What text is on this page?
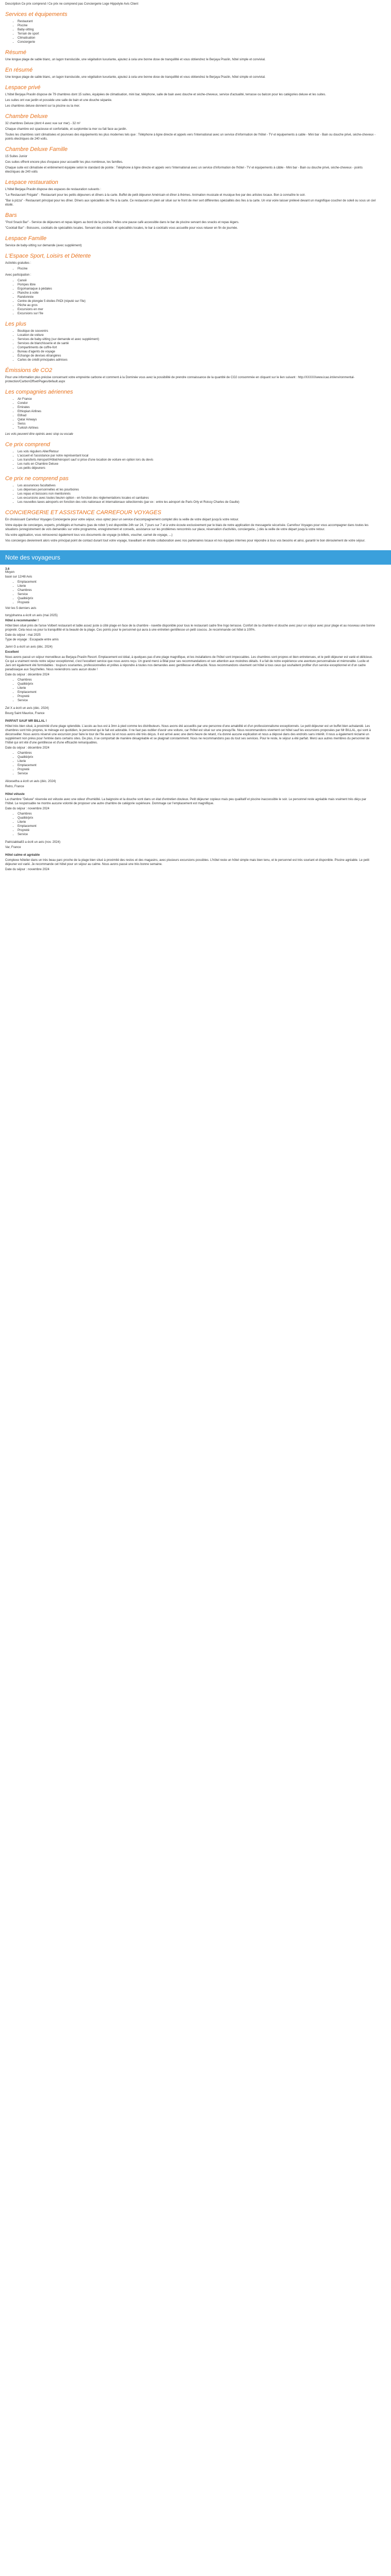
Description Ce prix comprend / Ce prix ne comprend pas Conciergerie Loge Hippolyte Avis Client

Services et équipements
• Restaurant
• Piscine
• Baby-sitting
• Terrain de sport
• Climatisation
• Conciergerie
Résumé

Une longue plage de sable blanc, un lagon translucide, une végétation luxuriante, ajoutez à cela une bonne dose de tranquillité et vous obtiendrez le Berjaya Praslin, hôtel simple et convivial.

En résumé

Une longue plage de sable blanc, un lagon translucide, une végétation luxuriante, ajoutez à cela une bonne dose de tranquillité et vous obtiendrez le Berjaya Praslin, hôtel simple et convivial.

Lespace privé

L'hôtel Berjaya Praslin dispose de 79 chambres dont 15 suites, équipées de climatisation, mini bar, téléphone, salle de bain avec douche et sèche-cheveux, service d'actualité, terrasse ou balcon pour les catégories deluxe et les suites.

Les suites ont vue jardin et possède une salle de bain et une douche séparée.

Les chambres deluxe donnent sur la piscine ou la mer.

Chambre Deluxe

32 chambres Deluxe (dont 4 avec vue sur mer) - 32 m²

Chaque chambre est spacieuse et confortable, et surplombe la mer ou fait face au jardin.

Toutes les chambres sont climatisées et pourvues des équipements les plus modernes tels que : Téléphone à ligne directe et appels vers l'international avec un service d'information de l'hôtel - TV et équipements à cable - Mini bar - Bain ou douche privé, sèche-cheveux - points électriques de 240 volts.

Chambre Deluxe Famille

15 Suites Junior

Ces suites offrent encore plus d'espace pour accueillir les plus nombreux, les familles.

Chaque suite est climatisée et entièrement équipée selon le standard de pointe : Téléphone à ligne directe et appels vers l'international avec un service d'information de l'hôtel - TV et équipements à câble - Mini bar - Bain ou douche privé, sèche-cheveux - points électriques de 240 volts

Lespace restauration

L'hôtel Berjaya Praslin dispose des espaces de restauration suivants :

"Le Restaurant Frégate" - Restaurant pour les petits déjeuners et dîners à la carte. Buffet de petit déjeuner Américain et dîner à thèmes. Animation musicale et musique live par des artistes locaux. Bon à connaître le soir.

"Bar à pizza" - Restaurant principal pour les dîner. Dîners aux spécialités de l'île à la carte. Ce restaurant en plein air situé sur le front de mer sert différentes spécialités des îles à la carte. Un vrai voire laisser prélevé devant un magnifique coucher de soleil ou sous un ciel étoilé.

Bars

"Pool Snack Bar" - Service de déjeuners et repas légers au bord de la piscine. Pelles une pause café accessible dans le bar de piscine servant des snacks et repas légers.

"Cocktail Bar" - Boissons, cocktails de spécialités locales. Servant des cocktails et spécialités locales, le bar à cocktails vous accueille pour vous relaxer en fin de journée.

Lespace Famille

Service de baby-sitting sur demande (avec supplément)

L'Espace Sport, Loisirs et Détente

Activités gratuites :

• Piscine

Avec participation :

• Canoë
• Pompes libre
• Ergomaniaque à pédales
• Planche à voile
• Randonnée
• Centre de plongée 5 étoiles PADI (réputé sur l'île)
• Pêche au gros
• Excursions en mer
• Excursions sur l'île
Les plus
• Boutique de souvenirs
• Location de voiture
• Services de baby-sitting (sur demande et avec supplément)
• Services de blanchisserie et de santé
• Compartiments de coffre-fort
• Bureau d'agents de voyage
• Échange de devises étrangères
• Cartes de crédit principales admises
Émissions de CO2

Pour une information plus précise concernant votre empreinte carbone et comment à la Dominée vous avez la possibilité de prendre connaissance de la quantité de CO2 consommée en cliquant sur le lien suivant : http://XXXXXwww.icao.int/environmental-protection/CarbonOffset/Pages/default.aspx

Les compagnies aériennes
• Air France
• Condor
• Emirates
• Ethiopian Airlines
• Etihad
• Qatar Airways
• Swiss
• Turkish Airlines

Les vols peuvent être opérés avec stop ou escale

Ce prix comprend
• Les vols réguliers Aller/Retour
• L'accueil et l'assistance par notre représentant local
• Les transferts Aéroport/Hôtel/Aéroport sauf si prise d'une location de voiture en option lors du devis
• Les nuits en Chambre Deluxe
• Les petits déjeuners
Ce prix ne comprend pas
• Les assurances facultatives
• Les dépenses personnelles et les pourboires
• Les repas et boissons non mentionnés
• Les excursions avec toutes lieu/en option - en fonction des réglementations locales et sanitaires
• Les nouvelles taxes aéroports en fonction des vols nationaux et internationaux sélectionnés (par ex : entre les aéroport de Paris Orly et Roissy Charles de Gaulle)
CONCIERGERIE ET ASSISTANCE CARREFOUR VOYAGES

En choisissant Carrefour Voyages Conciergerie pour votre séjour, vous optez pour un service d'accompagnement complet dès la veille de votre départ jusqu'à votre retour.

Votre équipe de concierges, experts, privilégiés et humains (pas de robot !) est disponible 24h sur 24, 7 jours sur 7 et à votre écoute exclusivement par le biais de notre application de messagerie sécurisée. Carrefour Voyages pour vous accompagner dans toutes les situations (enregistrement de vols demandés sur votre programme, enregistrement et conseils, assistance sur les problèmes rencontrés sur place, réservation d'activités, conciergerie...) dès la veille de votre départ jusqu'à votre retour.

Via votre application, vous retrouverez également tous vos documents de voyage (e-billets, voucher, carnet de voyage, ...)

Vos concierges deviennent alors votre principal point de contact durant tout votre voyage, travaillant en étroite collaboration avec nos partenaires locaux et nos équipes internes pour répondre à tous vos besoins et ainsi, garantir le bon déroulement de votre séjour.

Note des voyageurs
3.6
Moyen
basé sur 12/48 Avis
• Emplacement
• Literie
• Chambres
• Service
• Qualité/prix
• Propreté
Voir les 5 derniers avis
tonyjohanna a écrit un avis (mai 2025)
Hôtel à recommander !

Hôtel bien situé près de l'anse Volbert restaurant et table assez juste à côté plage en face de la chambre - navette disponible pour tous le restaurant cadre fine Ingo terrasse. Confort de la chambre et douche avec pour un séjour avec pour plage et au nouveau une bonne propreté. Cela nous va pour la tranquillité et la beauté de la plage. Ces points pour le personnel qui aura à une entretien gentillesse un petit coucou. Je recommande cet hôtel à 100%.

Date du séjour : mai 2025
Type de voyage : Escapade entre amis
Jamri G a écrit un avis (déc. 2024)
Excellent

Nous avons passé un séjour merveilleux au Berjaya Praslin Resort. Emplacement est idéal, à quelques pas d'une plage magnifique, et les installations de l'hôtel sont impeccables. Les chambres sont propres et bien entretenues, et le petit déjeuner est varié et délicieux. Ce qui a vraiment rendu notre séjour exceptionnel, c'est l'excellent service que nous avons reçu. Un grand merci à Bilal pour ses recommandations et son attention aux moindres détails. Il a fait de notre expérience une aventure personnalisée et mémorable. Lucile et Jani ont également été formidables : toujours souriantes, professionnelles et prêtes à répondre à toutes nos demandes avec gentillesse et efficacité. Nous recommandons vivement cet hôtel à tous ceux qui souhaitent profiter d'un service exceptionnel et d'un cadre paradisiaque aux Seychelles. Nous reviendrons sans aucun doute !

Date du séjour : décembre 2024
• Chambres
• Qualité/prix
• Literie
• Emplacement
• Propreté
• Service
Zel X a écrit un avis (déc. 2024)

Bourg Saint Maurice, France

PARFAIT SAUF MR BILLAL !

Hôtel très bien situé, à proximité d'une plage splendide. L'accès au bus est à 3mn à pied comme les distributeurs. Nous avons été accueillis par une personne d'une amabilité et d'un professionnalisme exceptionnels. Le petit déjeuner est un buffet bien achalandé. Les chambres sont très propres, le ménage est quotidien, le personnel qui le fait est adorable. Il ne faut pas oublier d'avoir une voiture, car l'hôtel est situé sur une presqu'île. Nous recommandons vivement cet hôtel sauf les excursions proposées par Mr BILLAL, qui sont à déconseiller. Nous avons réservé une excursion pour faire le tour de l'île avec lui et nous avons été très déçus. Il est arrivé avec une demi-heure de retard, n'a donné aucune explication et nous a déposé dans des endroits sans intérêt. Il nous a également réclamé un supplément non prévu pour l'entrée dans certains sites. De plus, il se comportait de manière désagréable et se plaignait constamment. Nous ne recommandons pas du tout ses services. Pour le reste, le séjour a été parfait. Merci aux autres membres du personnel de l'hôtel qui ont été d'une gentillesse et d'une efficacité remarquables.

Date du séjour : décembre 2024
• Chambres
• Qualité/prix
• Literie
• Emplacement
• Propreté
• Service
Alicesetha a écrit un avis (déc. 2024)

Retro, France

Hôtel vétuste

La chambre "Deluxe" réservée est vétuste avec une odeur d'humidité. La baignoire et la douche sont dans un état d'entretien douteux. Petit déjeuner copieux mais peu qualitatif et piscine inaccessible le soir. Le personnel reste agréable mais vraiment très déçu par l'hôtel. Le responsable ne montre aucune volonté de proposer une autre chambre de catégorie supérieure. Dommage car l'emplacement est magnifique.

Date du séjour : novembre 2024
• Chambres
• Qualité/prix
• Literie
• Emplacement
• Propreté
• Service
Patriciabba83 a écrit un avis (nov. 2024)

Var, France

Hôtel calme et agréable

Complexe hôtelier dans un très beau parc proche de la plage bien situé à proximité des restos et des magasins, avec plusieurs excursions possibles. L'hôtel reste un hôtel simple mais bien tenu, et le personnel est très souriant et disponible. Piscine agréable. Le petit déjeuner est varié. Je recommande cet hôtel pour un séjour au calme. Nous avons passé une très bonne semaine.

Date du séjour : novembre 2024
